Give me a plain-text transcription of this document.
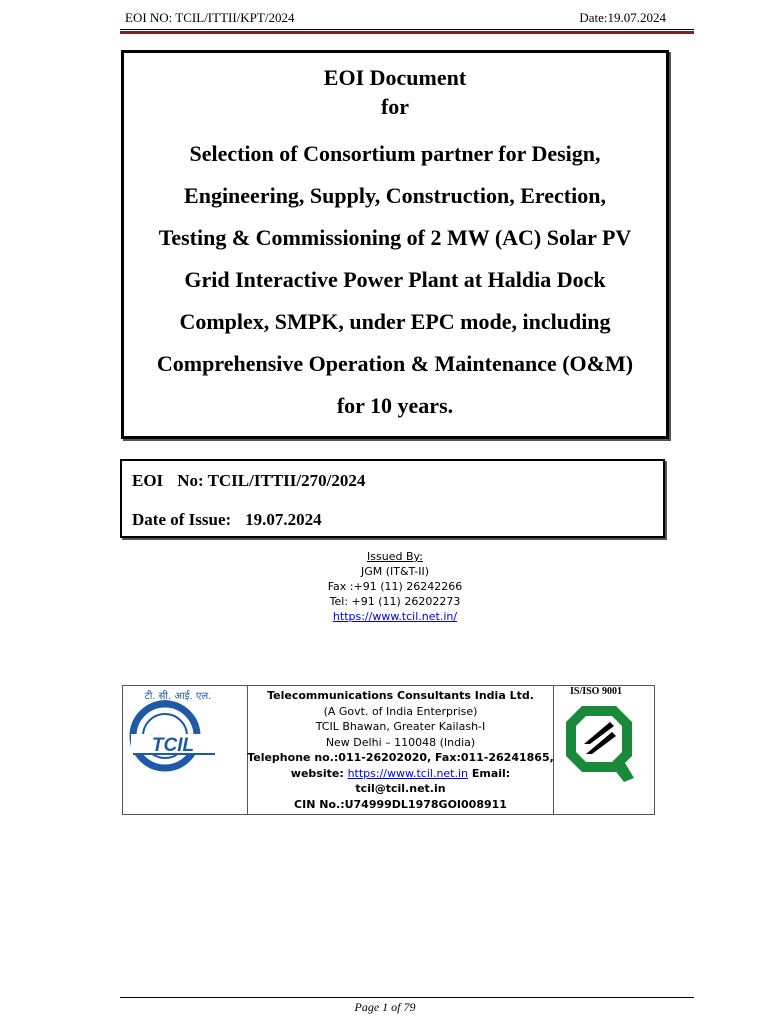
EOI NO: TCIL/ITTII/KPT/2024	Date:19.07.2024
EOI Document
for
Selection of Consortium partner for Design,
Engineering, Supply, Construction, Erection,
Testing & Commissioning of 2 MW (AC) Solar PV
Grid Interactive Power Plant at Haldia Dock
Complex, SMPK, under EPC mode, including
Comprehensive Operation & Maintenance (O&M)
for 10 years.
EOI No: TCIL/ITTII/270/2024
Date of Issue: 19.07.2024
Issued By:
JGM (IT&T-II)
Fax :+91 (11) 26242266
Tel: +91 (11) 26202273
https://www.tcil.net.in/
TCIL
टी. सी. आई. एल.	Telecommunications Consultants India Ltd.
(A Govt. of India Enterprise)
TCIL Bhawan, Greater Kailash-I
New Delhi – 110048 (India)
Telephone no.:011-26202020, Fax:011-26241865,
website: https://www.tcil.net.in Email:
tcil@tcil.net.in
CIN No.:U74999DL1978GOI008911
IS/ISO 9001
Page 1 of 79
